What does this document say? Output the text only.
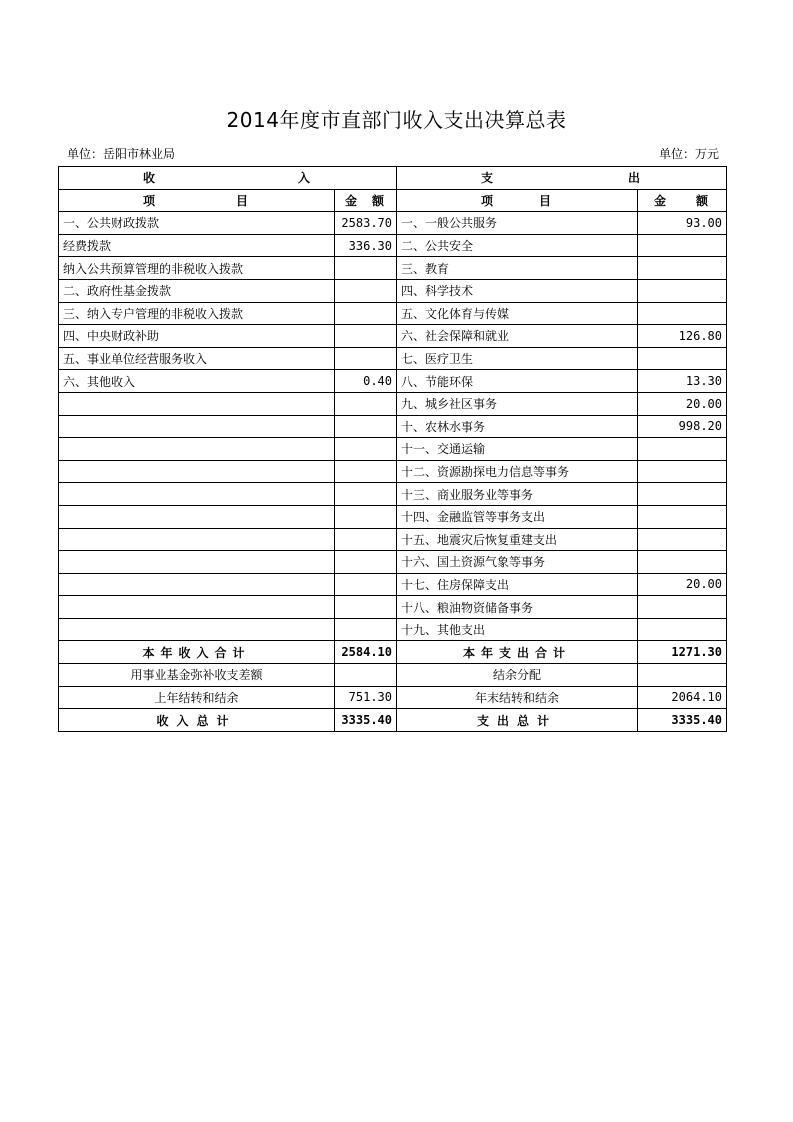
2014年度市直部门收入支出决算总表
单位：岳阳市林业局	单位：万元
收 入		支 出	

项 目	金 额	项 目	金 额

一、公共财政拨款	2583.70	一、一般公共服务	93.00
经费拨款	336.30	二、公共安全	
纳入公共预算管理的非税收入拨款		三、教育	
二、政府性基金拨款		四、科学技术	
三、纳入专户管理的非税收入拨款		五、文化体育与传媒	
四、中央财政补助		六、社会保障和就业	126.80
五、事业单位经营服务收入		七、医疗卫生	
六、其他收入	0.40	八、节能环保	13.30
		九、城乡社区事务	20.00
		十、农林水事务	998.20
		十一、交通运输	
		十二、资源勘探电力信息等事务	
		十三、商业服务业等事务	
		十四、金融监管等事务支出	
		十五、地震灾后恢复重建支出	
		十六、国土资源气象等事务	
		十七、住房保障支出	20.00
		十八、粮油物资储备事务	
		十九、其他支出	
本年收入合计	2584.10	本年支出合计	1271.30
用事业基金弥补收支差额		结余分配	
上年结转和结余	751.30	年末结转和结余	2064.10
收入总计	3335.40	支出总计	3335.40
